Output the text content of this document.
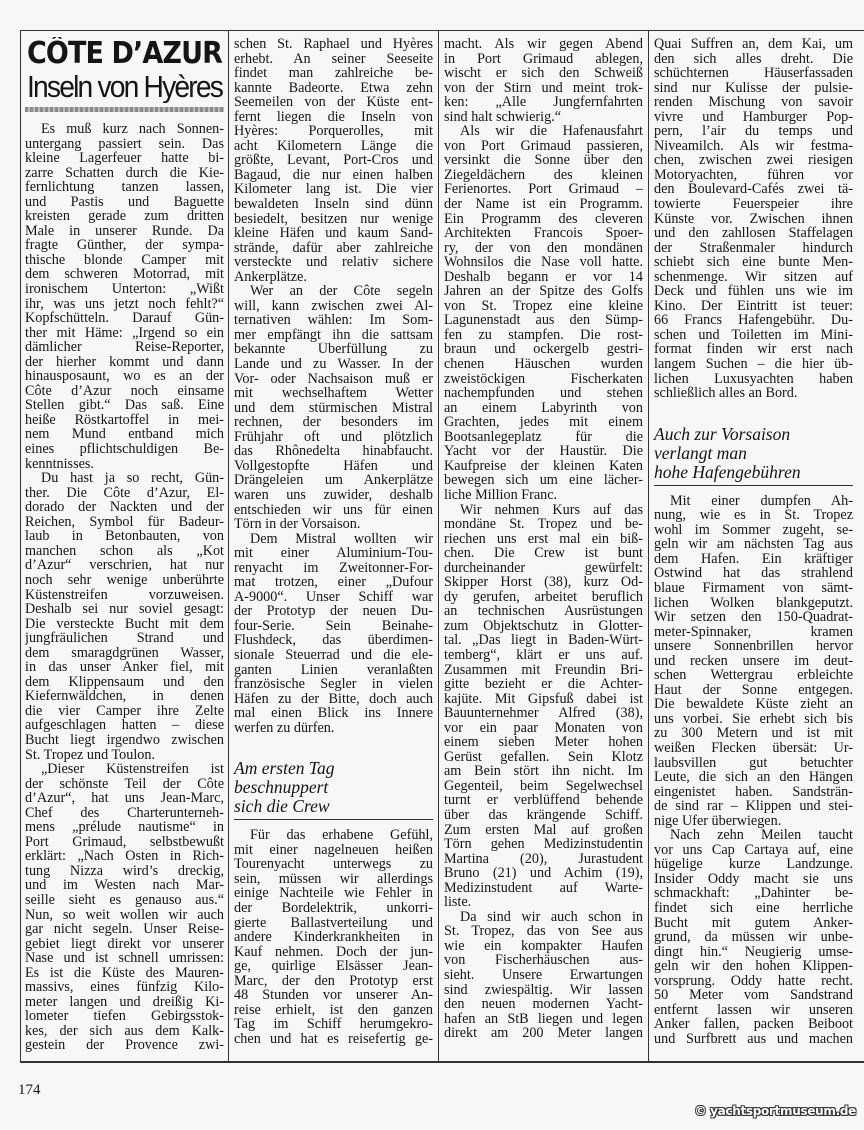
CÔTE D’AZUR
Inseln von Hyères
Es muß kurz nach Sonnen-
untergang passiert sein. Das
kleine Lagerfeuer hatte bi-
zarre Schatten durch die Kie-
fernlichtung tanzen lassen,
und Pastis und Baguette
kreisten gerade zum dritten
Male in unserer Runde. Da
fragte Günther, der sympa-
thische blonde Camper mit
dem schweren Motorrad, mit
ironischem Unterton: „Wißt
ihr, was uns jetzt noch fehlt?“
Kopfschütteln. Darauf Gün-
ther mit Häme: „Irgend so ein
dämlicher Reise-Reporter,
der hierher kommt und dann
hinausposaunt, wo es an der
Côte d’Azur noch einsame
Stellen gibt.“ Das saß. Eine
heiße Röstkartoffel in mei-
nem Mund entband mich
eines pflichtschuldigen Be-
kenntnisses.
Du hast ja so recht, Gün-
ther. Die Côte d’Azur, El-
dorado der Nackten und der
Reichen, Symbol für Badeur-
laub in Betonbauten, von
manchen schon als „Kot
d’Azur“ verschrien, hat nur
noch sehr wenige unberührte
Küstenstreifen vorzuweisen.
Deshalb sei nur soviel gesagt:
Die versteckte Bucht mit dem
jungfräulichen Strand und
dem smaragdgrünen Wasser,
in das unser Anker fiel, mit
dem Klippensaum und den
Kiefernwäldchen, in denen
die vier Camper ihre Zelte
aufgeschlagen hatten – diese
Bucht liegt irgendwo zwischen
St. Tropez und Toulon.
„Dieser Küstenstreifen ist
der schönste Teil der Côte
d’Azur“, hat uns Jean-Marc,
Chef des Charterunterneh-
mens „prélude nautisme“ in
Port Grimaud, selbstbewußt
erklärt: „Nach Osten in Rich-
tung Nizza wird’s dreckig,
und im Westen nach Mar-
seille sieht es genauso aus.“
Nun, so weit wollen wir auch
gar nicht segeln. Unser Reise-
gebiet liegt direkt vor unserer
Nase und ist schnell umrissen:
Es ist die Küste des Mauren-
massivs, eines fünfzig Kilo-
meter langen und dreißig Ki-
lometer tiefen Gebirgsstok-
kes, der sich aus dem Kalk-
gestein der Provence zwi-
schen St. Raphael und Hyères
erhebt. An seiner Seeseite
findet man zahlreiche be-
kannte Badeorte. Etwa zehn
Seemeilen von der Küste ent-
fernt liegen die Inseln von
Hyères: Porquerolles, mit
acht Kilometern Länge die
größte, Levant, Port-Cros und
Bagaud, die nur einen halben
Kilometer lang ist. Die vier
bewaldeten Inseln sind dünn
besiedelt, besitzen nur wenige
kleine Häfen und kaum Sand-
strände, dafür aber zahlreiche
versteckte und relativ sichere
Ankerplätze.
Wer an der Côte segeln
will, kann zwischen zwei Al-
ternativen wählen: Im Som-
mer empfängt ihn die sattsam
bekannte Überfüllung zu
Lande und zu Wasser. In der
Vor- oder Nachsaison muß er
mit wechselhaftem Wetter
und dem stürmischen Mistral
rechnen, der besonders im
Frühjahr oft und plötzlich
das Rhônedelta hinabfaucht.
Vollgestopfte Häfen und
Drängeleien um Ankerplätze
waren uns zuwider, deshalb
entschieden wir uns für einen
Törn in der Vorsaison.
Dem Mistral wollten wir
mit einer Aluminium-Tou-
renyacht im Zweitonner-For-
mat trotzen, einer „Dufour
A-9000“. Unser Schiff war
der Prototyp der neuen Du-
four-Serie. Sein Beinahe-
Flushdeck, das überdimen-
sionale Steuerrad und die ele-
ganten Linien veranlaßten
französische Segler in vielen
Häfen zu der Bitte, doch auch
mal einen Blick ins Innere
werfen zu dürfen.
Am ersten Tag
beschnuppert
sich die Crew
Für das erhabene Gefühl,
mit einer nagelneuen heißen
Tourenyacht unterwegs zu
sein, müssen wir allerdings
einige Nachteile wie Fehler in
der Bordelektrik, unkorri-
gierte Ballastverteilung und
andere Kinderkrankheiten in
Kauf nehmen. Doch der jun-
ge, quirlige Elsässer Jean-
Marc, der den Prototyp erst
48 Stunden vor unserer An-
reise erhielt, ist den ganzen
Tag im Schiff herumgekro-
chen und hat es reisefertig ge-
macht. Als wir gegen Abend
in Port Grimaud ablegen,
wischt er sich den Schweiß
von der Stirn und meint trok-
ken: „Alle Jungfernfahrten
sind halt schwierig.“
Als wir die Hafenausfahrt
von Port Grimaud passieren,
versinkt die Sonne über den
Ziegeldächern des kleinen
Ferienortes. Port Grimaud –
der Name ist ein Programm.
Ein Programm des cleveren
Architekten Francois Spoer-
ry, der von den mondänen
Wohnsilos die Nase voll hatte.
Deshalb begann er vor 14
Jahren an der Spitze des Golfs
von St. Tropez eine kleine
Lagunenstadt aus den Sümp-
fen zu stampfen. Die rost-
braun und ockergelb gestri-
chenen Häuschen wurden
zweistöckigen Fischerkaten
nachempfunden und stehen
an einem Labyrinth von
Grachten, jedes mit einem
Bootsanlegeplatz für die
Yacht vor der Haustür. Die
Kaufpreise der kleinen Katen
bewegen sich um eine lächer-
liche Million Franc.
Wir nehmen Kurs auf das
mondäne St. Tropez und be-
riechen uns erst mal ein biß-
chen. Die Crew ist bunt
durcheinander gewürfelt:
Skipper Horst (38), kurz Od-
dy gerufen, arbeitet beruflich
an technischen Ausrüstungen
zum Objektschutz in Glotter-
tal. „Das liegt in Baden-Würt-
temberg“, klärt er uns auf.
Zusammen mit Freundin Bri-
gitte bezieht er die Achter-
kajüte. Mit Gipsfuß dabei ist
Bauunternehmer Alfred (38),
vor ein paar Monaten von
einem sieben Meter hohen
Gerüst gefallen. Sein Klotz
am Bein stört ihn nicht. Im
Gegenteil, beim Segelwechsel
turnt er verblüffend behende
über das krängende Schiff.
Zum ersten Mal auf großen
Törn gehen Medizinstudentin
Martina (20), Jurastudent
Bruno (21) und Achim (19),
Medizinstudent auf Warte-
liste.
Da sind wir auch schon in
St. Tropez, das von See aus
wie ein kompakter Haufen
von Fischerhäuschen aus-
sieht. Unsere Erwartungen
sind zwiespältig. Wir lassen
den neuen modernen Yacht-
hafen an StB liegen und legen
direkt am 200 Meter langen
Quai Suffren an, dem Kai, um
den sich alles dreht. Die
schüchternen Häuserfassaden
sind nur Kulisse der pulsie-
renden Mischung von savoir
vivre und Hamburger Pop-
pern, l’air du temps und
Niveamilch. Als wir festma-
chen, zwischen zwei riesigen
Motoryachten, führen vor
den Boulevard-Cafés zwei tä-
towierte Feuerspeier ihre
Künste vor. Zwischen ihnen
und den zahllosen Staffelagen
der Straßenmaler hindurch
schiebt sich eine bunte Men-
schenmenge. Wir sitzen auf
Deck und fühlen uns wie im
Kino. Der Eintritt ist teuer:
66 Francs Hafengebühr. Du-
schen und Toiletten im Mini-
format finden wir erst nach
langem Suchen – die hier üb-
lichen Luxusyachten haben
schließlich alles an Bord.
Auch zur Vorsaison
verlangt man
hohe Hafengebühren
Mit einer dumpfen Ah-
nung, wie es in St. Tropez
wohl im Sommer zugeht, se-
geln wir am nächsten Tag aus
dem Hafen. Ein kräftiger
Ostwind hat das strahlend
blaue Firmament von sämt-
lichen Wolken blankgeputzt.
Wir setzen den 150-Quadrat-
meter-Spinnaker, kramen
unsere Sonnenbrillen hervor
und recken unsere im deut-
schen Wettergrau erbleichte
Haut der Sonne entgegen.
Die bewaldete Küste zieht an
uns vorbei. Sie erhebt sich bis
zu 300 Metern und ist mit
weißen Flecken übersät: Ur-
laubsvillen gut betuchter
Leute, die sich an den Hängen
eingenistet haben. Sandsträn-
de sind rar – Klippen und stei-
nige Ufer überwiegen.
Nach zehn Meilen taucht
vor uns Cap Cartaya auf, eine
hügelige kurze Landzunge.
Insider Oddy macht sie uns
schmackhaft: „Dahinter be-
findet sich eine herrliche
Bucht mit gutem Anker-
grund, da müssen wir unbe-
dingt hin.“ Neugierig umse-
geln wir den hohen Klippen-
vorsprung. Oddy hatte recht.
50 Meter vom Sandstrand
entfernt lassen wir unseren
Anker fallen, packen Beiboot
und Surfbrett aus und machen
174
© yachtsportmuseum.de
